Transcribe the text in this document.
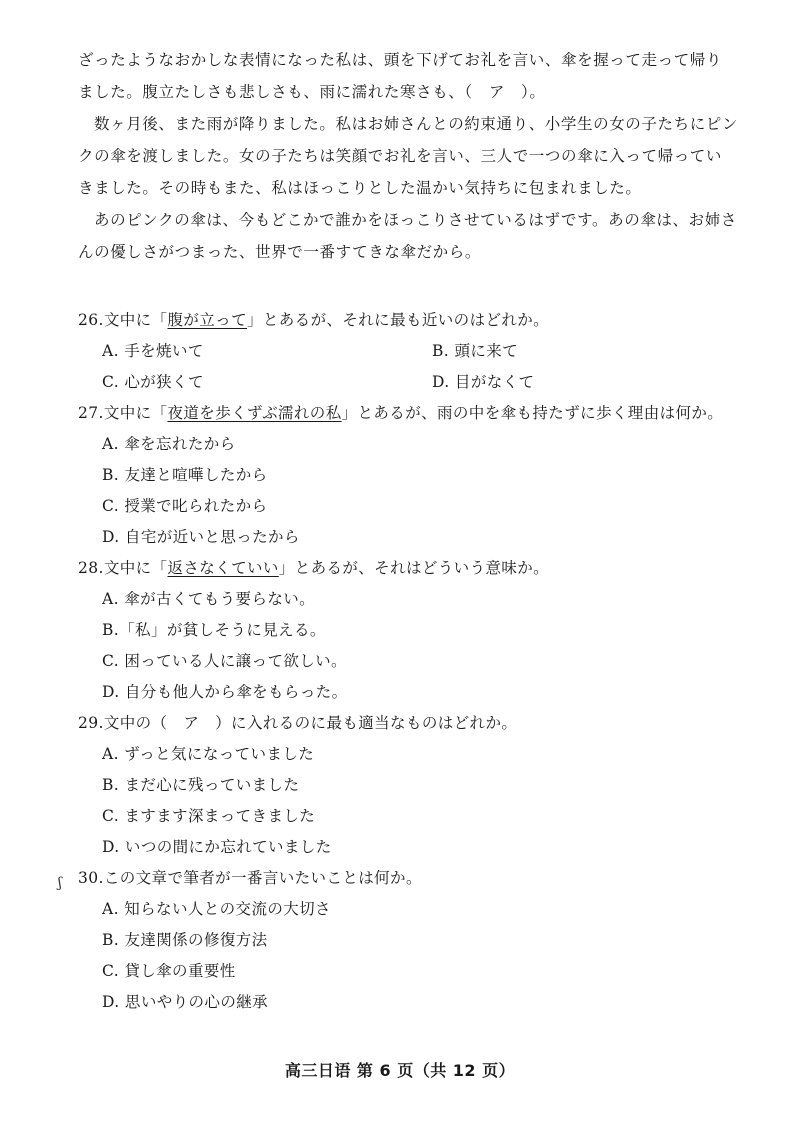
ざったようなおかしな表情になった私は、頭を下げてお礼を言い、傘を握って走って帰りました。腹立たしさも悲しさも、雨に濡れた寒さも、（　ア　）。

数ヶ月後、また雨が降りました。私はお姉さんとの約束通り、小学生の女の子たちにピンクの傘を渡しました。女の子たちは笑顔でお礼を言い、三人で一つの傘に入って帰っていきました。その時もまた、私はほっこりとした温かい気持ちに包まれました。

あのピンクの傘は、今もどこかで誰かをほっこりさせているはずです。あの傘は、お姉さんの優しさがつまった、世界で一番すてきな傘だから。

26.文中に「腹が立って」とあるが、それに最も近いのはどれか。
A. 手を焼いて	B. 頭に来て
C. 心が狭くて	D. 目がなくて
27.文中に「夜道を歩くずぶ濡れの私」とあるが、雨の中を傘も持たずに歩く理由は何か。
A. 傘を忘れたから
B. 友達と喧嘩したから
C. 授業で叱られたから
D. 自宅が近いと思ったから
28.文中に「返さなくていい」とあるが、それはどういう意味か。
A. 傘が古くてもう要らない。
B.「私」が貧しそうに見える。
C. 困っている人に譲って欲しい。
D. 自分も他人から傘をもらった。
29.文中の（　ア　）に入れるのに最も適当なものはどれか。
A. ずっと気になっていました
B. まだ心に残っていました
C. ますます深まってきました
D. いつの間にか忘れていました
30.この文章で筆者が一番言いたいことは何か。
A. 知らない人との交流の大切さ
B. 友達関係の修復方法
C. 貸し傘の重要性
D. 思いやりの心の継承
ʃ
高三日语 第 6 页（共 12 页）
